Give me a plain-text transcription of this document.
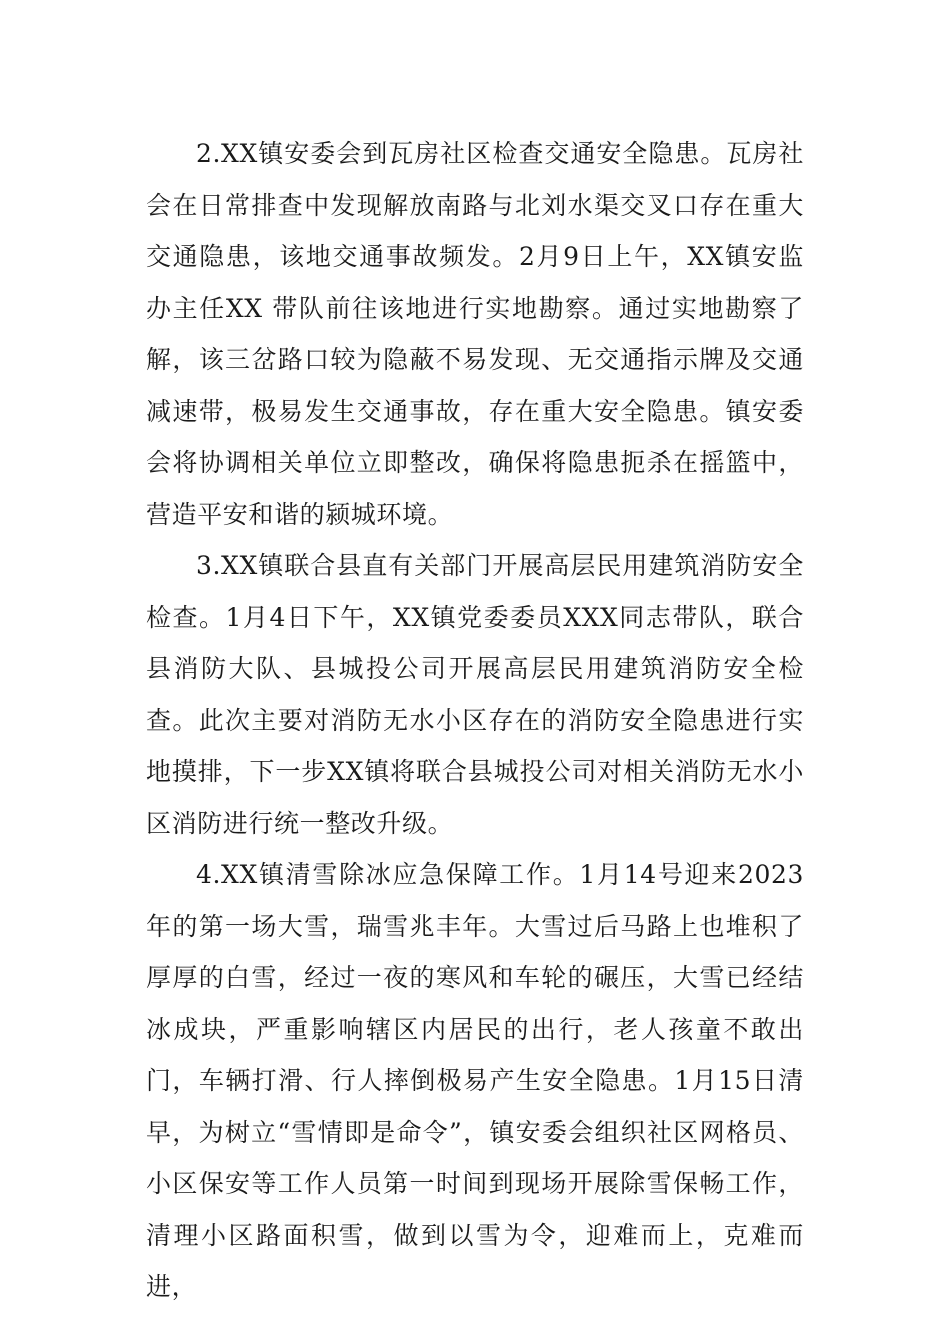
2.XX镇安委会到瓦房社区检查交通安全隐患。瓦房社会在日常排查中发现解放南路与北刘水渠交叉口存在重大交通隐患，该地交通事故频发。2月9日上午，XX镇安监办主任XX 带队前往该地进行实地勘察。通过实地勘察了解，该三岔路口较为隐蔽不易发现、无交通指示牌及交通减速带，极易发生交通事故，存在重大安全隐患。镇安委会将协调相关单位立即整改，确保将隐患扼杀在摇篮中，营造平安和谐的颍城环境。

3.XX镇联合县直有关部门开展高层民用建筑消防安全检查。1月4日下午，XX镇党委委员XXX同志带队，联合县消防大队、县城投公司开展高层民用建筑消防安全检查。此次主要对消防无水小区存在的消防安全隐患进行实地摸排，下一步XX镇将联合县城投公司对相关消防无水小区消防进行统一整改升级。

4.XX镇清雪除冰应急保障工作。1月14号迎来2023年的第一场大雪，瑞雪兆丰年。大雪过后马路上也堆积了厚厚的白雪，经过一夜的寒风和车轮的碾压，大雪已经结冰成块，严重影响辖区内居民的出行，老人孩童不敢出门，车辆打滑、行人摔倒极易产生安全隐患。1月15日清早，为树立“雪情即是命令”，镇安委会组织社区网格员、小区保安等工作人员第一时间到现场开展除雪保畅工作，清理小区路面积雪，做到以雪为令，迎难而上，克难而进，
